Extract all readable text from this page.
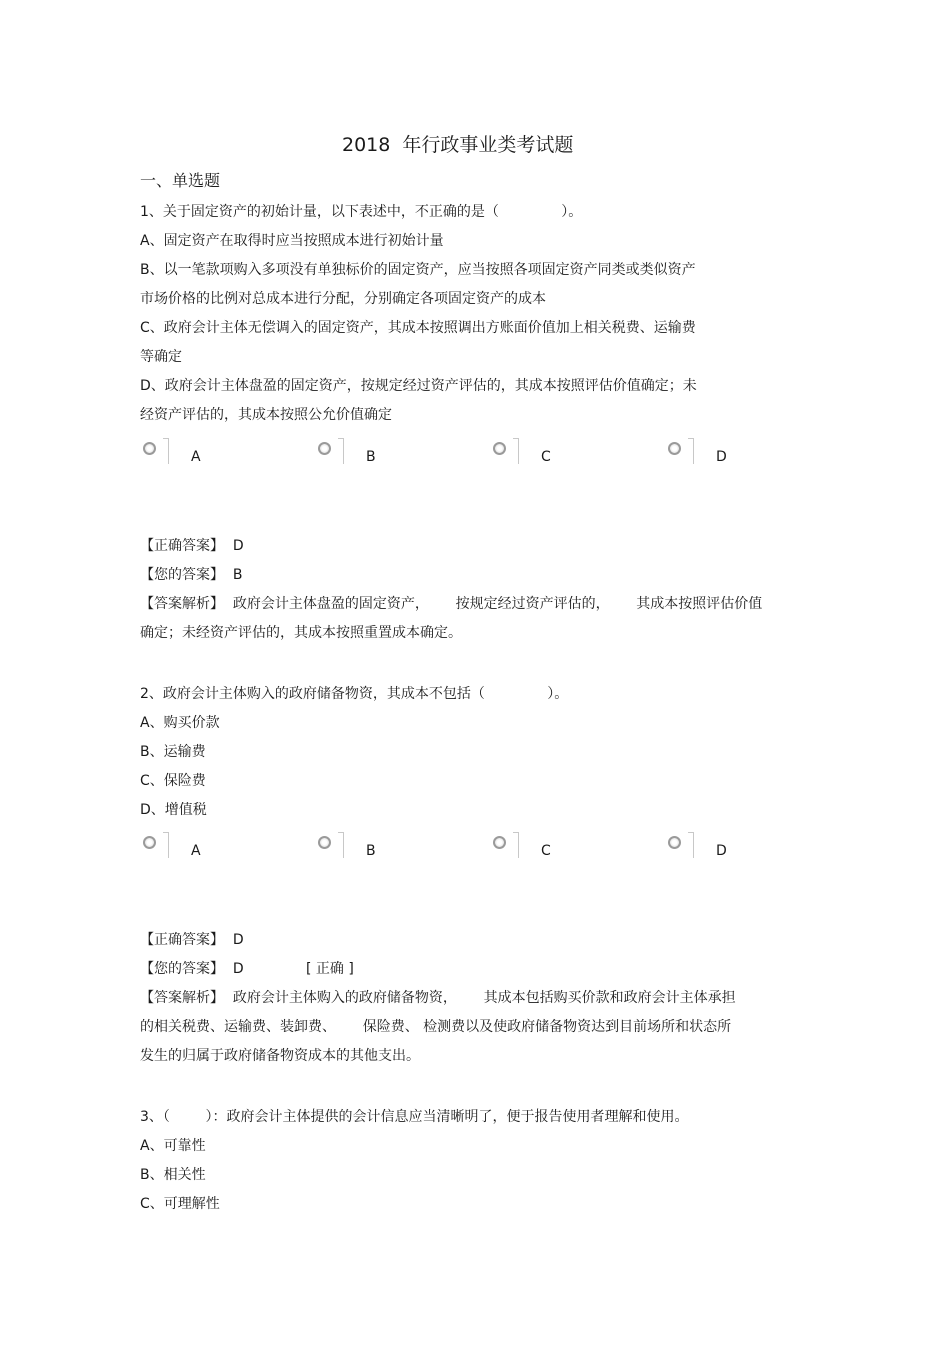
2018  年行政事业类考试题
一、单选题
1、关于固定资产的初始计量，以下表述中，不正确的是（              ）。
A、固定资产在取得时应当按照成本进行初始计量
B、以一笔款项购入多项没有单独标价的固定资产，应当按照各项固定资产同类或类似资产
市场价格的比例对总成本进行分配，分别确定各项固定资产的成本
C、政府会计主体无偿调入的固定资产，其成本按照调出方账面价值加上相关税费、运输费
等确定
D、政府会计主体盘盈的固定资产，按规定经过资产评估的，其成本按照评估价值确定；未
经资产评估的，其成本按照公允价值确定
A	B	C	D
【正确答案】  D
【您的答案】  B
【答案解析】  政府会计主体盘盈的固定资产，      按规定经过资产评估的，      其成本按照评估价值
确定；未经资产评估的，其成本按照重置成本确定。
2、政府会计主体购入的政府储备物资，其成本不包括（              ）。
A、购买价款
B、运输费
C、保险费
D、增值税
A	B	C	D
【正确答案】  D
【您的答案】  D              [ 正确 ]
【答案解析】  政府会计主体购入的政府储备物资，      其成本包括购买价款和政府会计主体承担
的相关税费、运输费、装卸费、      保险费、 检测费以及使政府储备物资达到目前场所和状态所
发生的归属于政府储备物资成本的其他支出。
3、（        ）：政府会计主体提供的会计信息应当清晰明了，便于报告使用者理解和使用。
A、可靠性
B、相关性
C、可理解性
